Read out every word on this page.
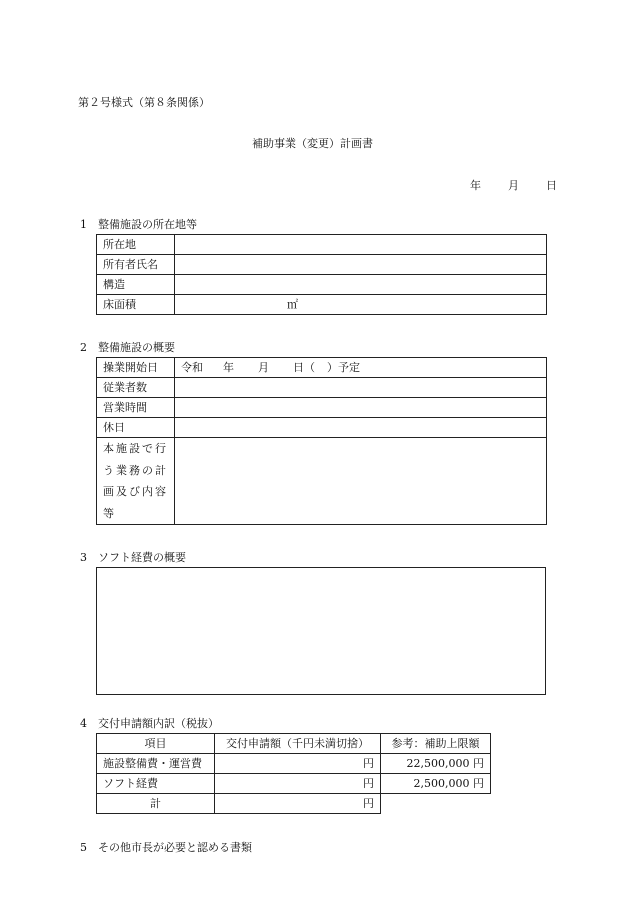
第２号様式（第８条関係）
補助事業（変更）計画書
年 月 日
1　整備施設の所在地等
所在地	
所有者氏名	
構造	
床面積	㎡
2　整備施設の概要
操業開始日	令和 年 月 日（ ）予定
従業者数	
営業時間	
休日	
本施設で行う業務の計画及び内容等	
3　ソフト経費の概要
4　交付申請額内訳（税抜）
項目	交付申請額（千円未満切捨）	参考：補助上限額
施設整備費・運営費	円	22,500,000 円
ソフト経費	円	2,500,000 円
計	円	
5　その他市長が必要と認める書類
